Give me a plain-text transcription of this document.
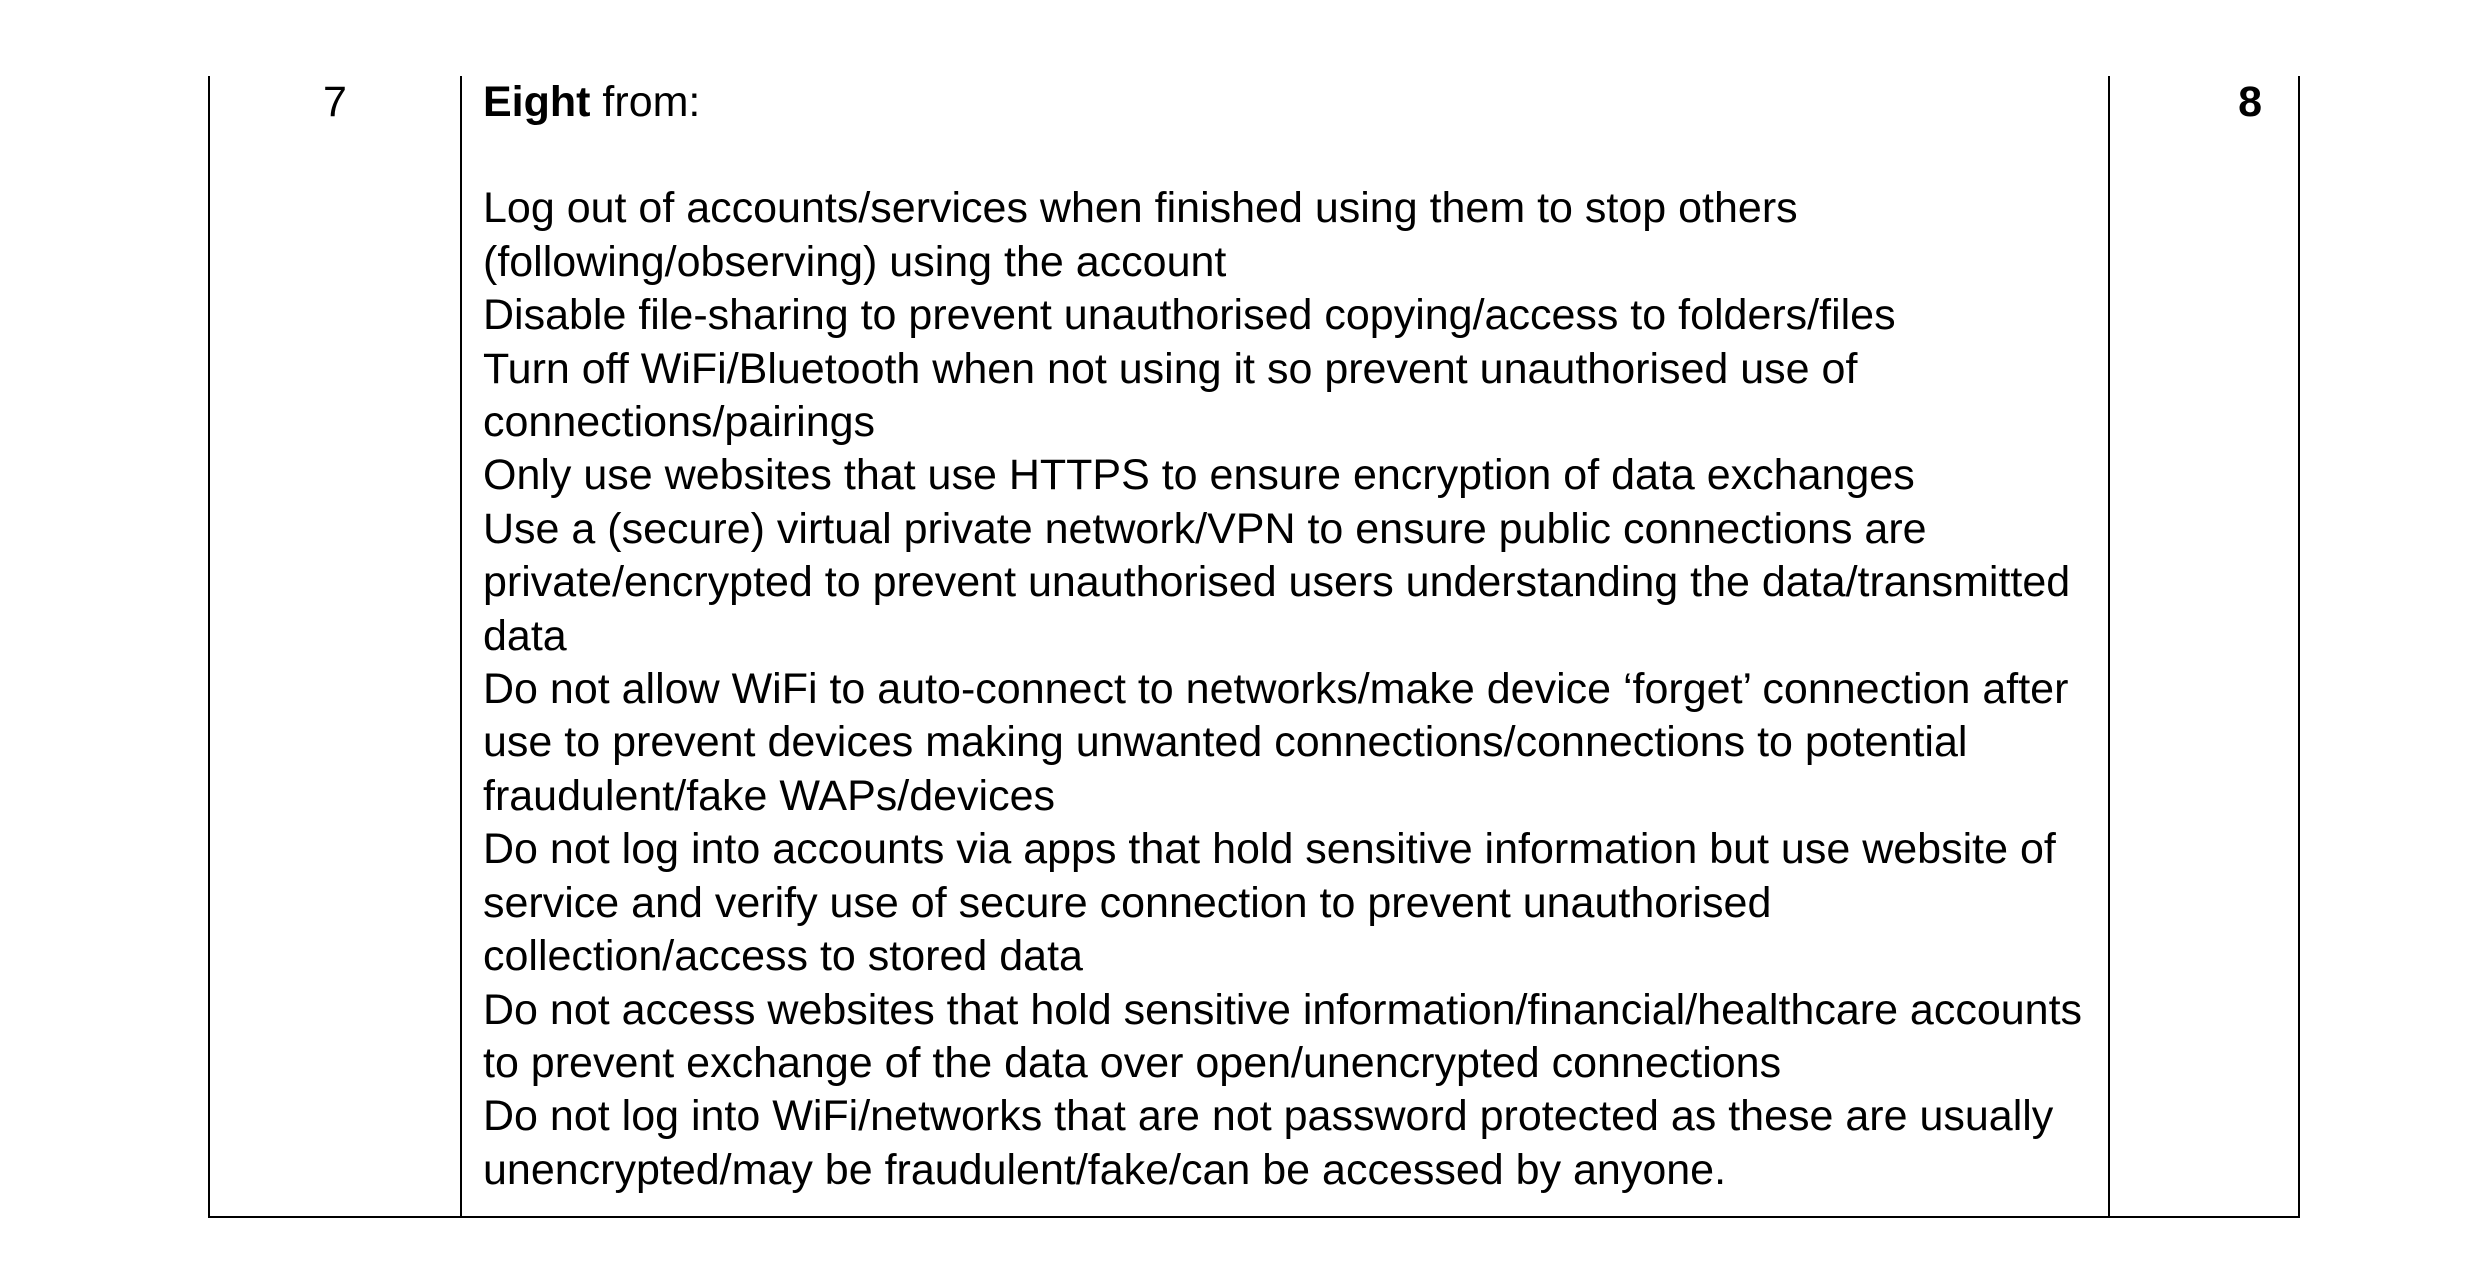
7	Eight from:
Log out of accounts/services when finished using them to stop others (following/observing) using the account
Disable file-sharing to prevent unauthorised copying/access to folders/files
Turn off WiFi/Bluetooth when not using it so prevent unauthorised use of connections/pairings
Only use websites that use HTTPS to ensure encryption of data exchanges
Use a (secure) virtual private network/VPN to ensure public connections are private/encrypted to prevent unauthorised users understanding the data/transmitted data
Do not allow WiFi to auto-connect to networks/make device ‘forget’ connection after use to prevent devices making unwanted connections/connections to potential fraudulent/fake WAPs/devices
Do not log into accounts via apps that hold sensitive information but use website of service and verify use of secure connection to prevent unauthorised collection/access to stored data
Do not access websites that hold sensitive information/financial/healthcare accounts to prevent exchange of the data over open/unencrypted connections
Do not log into WiFi/networks that are not password protected as these are usually unencrypted/may be fraudulent/fake/can be accessed by anyone.
8
